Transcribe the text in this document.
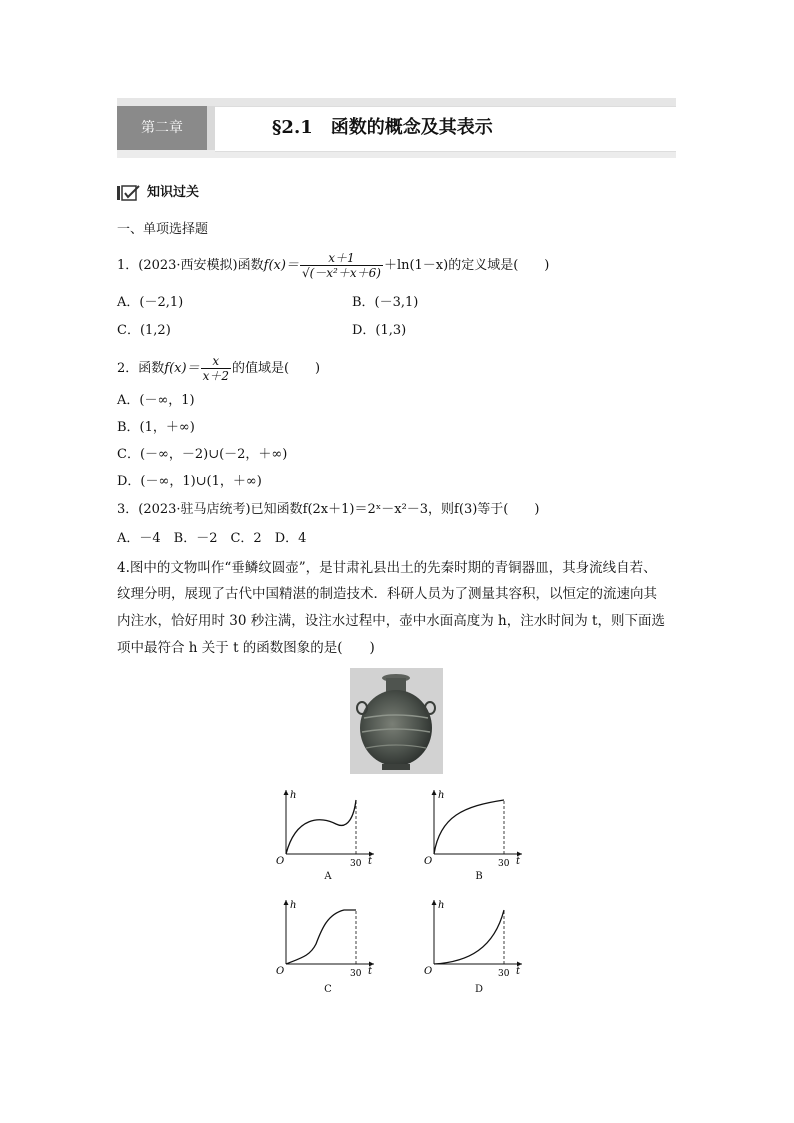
第二章	§2.1　函数的概念及其表示
知识过关
一、单项选择题
1．(2023·西安模拟)函数$f(x)= \frac{x+1}{\text{√(－x²＋x＋6)}} +\ln(1-x)$的定义域是(　　)
A．(－2,1)	B．(－3,1)
C．(1,2)	D．(1,3)
2．函数$f(x)= \frac{x}{x+2}$ 的值域是(　　)
A．(－∞，1)
B．(1，＋∞)
C．(－∞，－2)∪(－2，＋∞)
D．(－∞，1)∪(1，＋∞)
3．(2023·驻马店统考)已知函数f(2x＋1)＝2ˣ－x²－3，则f(3)等于(　　)
A．－4　B．－2　C．2　D．4
4.图中的文物叫作“垂鳞纹圆壶”，是甘肃礼县出土的先秦时期的青铜器皿，其身流线自若、
纹理分明，展现了古代中国精湛的制造技术．科研人员为了测量其容积，以恒定的流速向其
内注水，恰好用时 30 秒注满，设注水过程中，壶中水面高度为 h，注水时间为 t，则下面选
项中最符合 h 关于 t 的函数图象的是(　　)
h
O	30 t
A
h
O	30 t
B
h
O	30 t
C
h
O	30 t
D
